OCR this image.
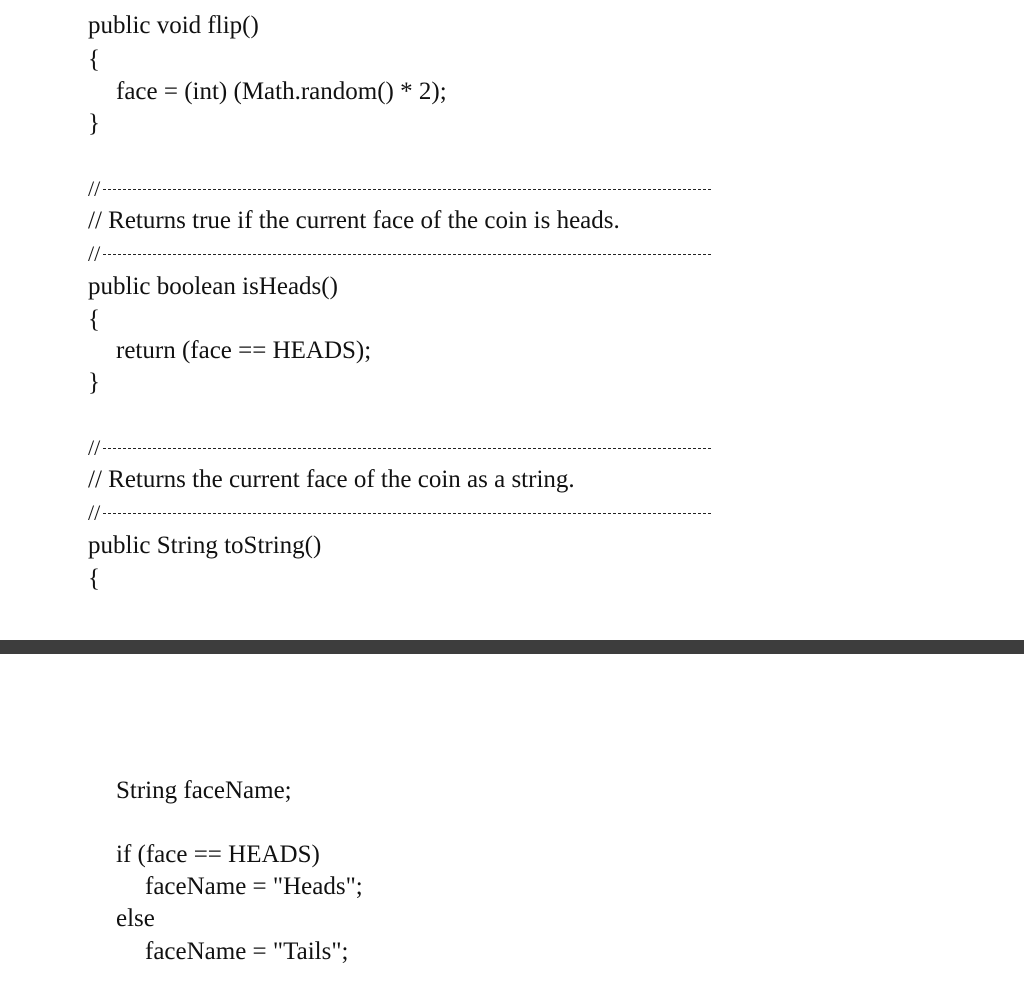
public void flip()
{
face = (int) (Math.random() * 2);
}
//
// Returns true if the current face of the coin is heads.
//
public boolean isHeads()
{
return (face == HEADS);
}
//
// Returns the current face of the coin as a string.
//
public String toString()
{
String faceName;
if (face == HEADS)
faceName = "Heads";
else
faceName = "Tails";
